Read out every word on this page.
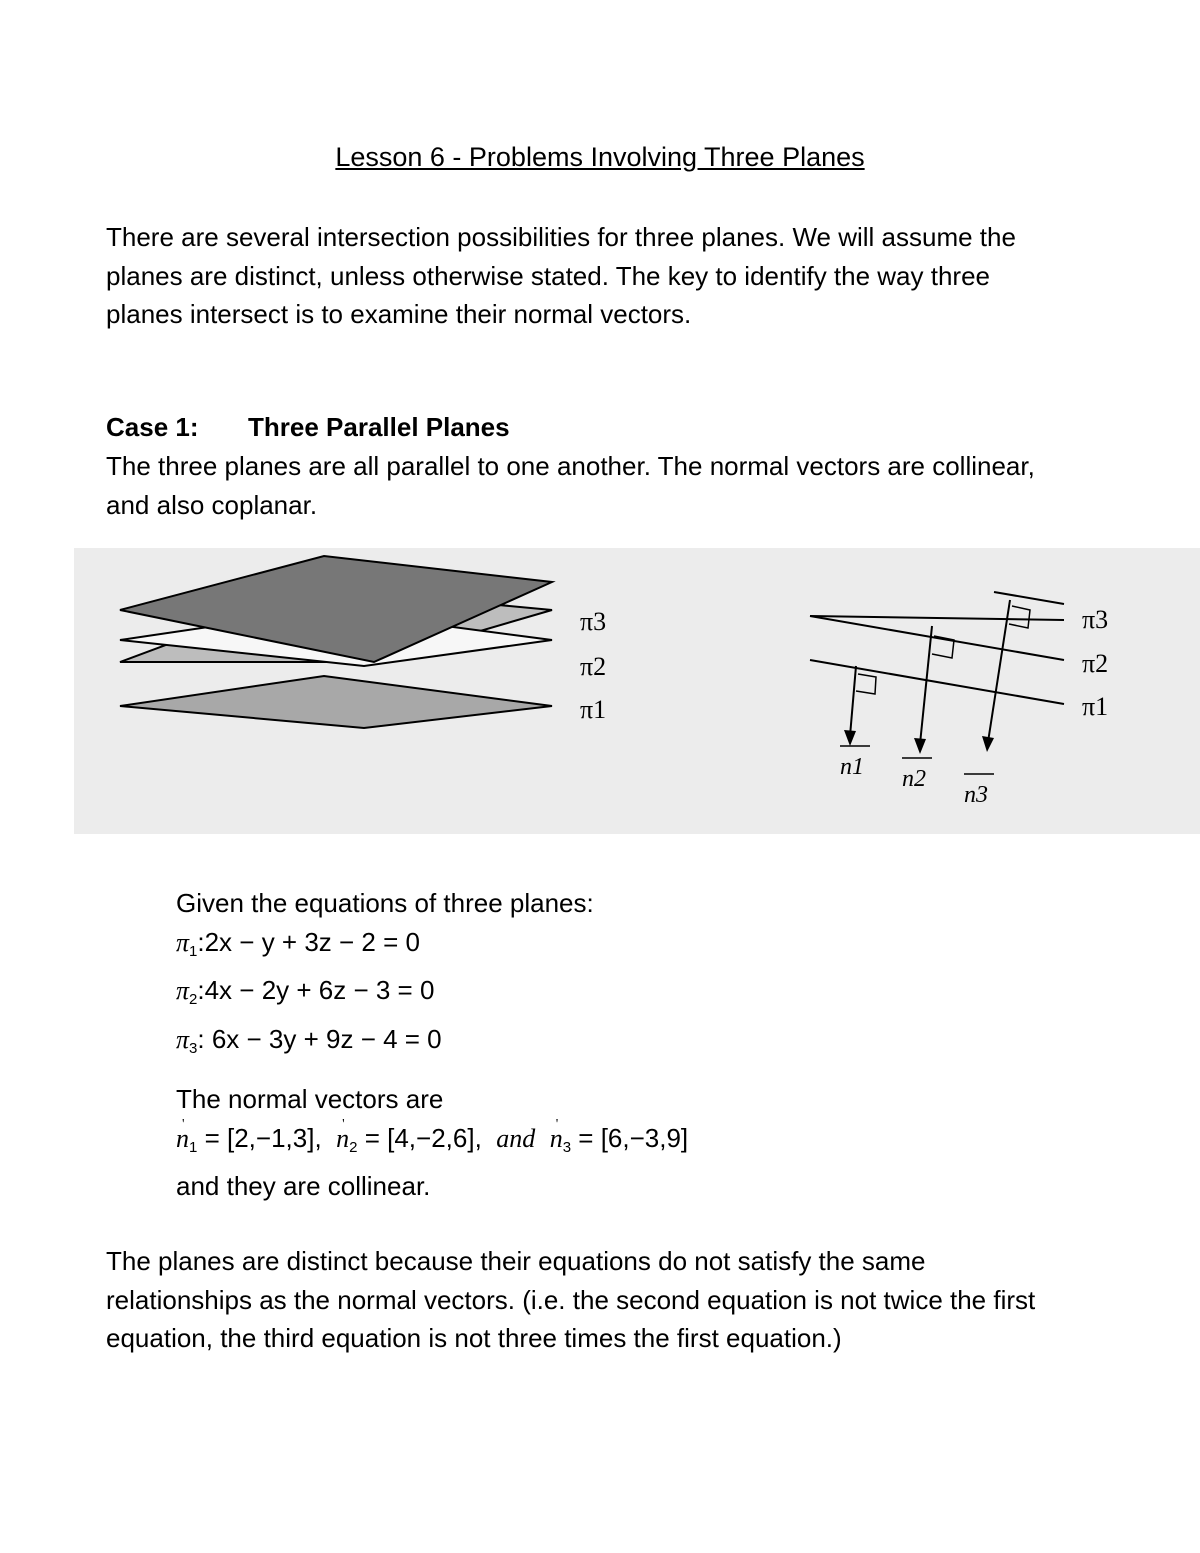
Lesson 6 - Problems Involving Three Planes

There are several intersection possibilities for three planes. We will assume the planes are distinct, unless otherwise stated. The key to identify the way three planes intersect is to examine their normal vectors.

Case 1: Three Parallel Planes

The three planes are all parallel to one another. The normal vectors are collinear, and also coplanar.

π3
π2
π1
π3
π2
π1
n1 n2
n3
Given the equations of three planes:
$\pi_1:2x - y + 3z - 2 = 0$
$\pi_2:4x - 2y + 6z - 3 = 0$
$\pi_3$: 6x − 3y + 9z − 4 = 0
The normal vectors are
n '$_1 = [2,-1,3]$, n '$_2 = [4,-2,6]$, and n '$_3 = [6,-3,9]$
and they are collinear.

The planes are distinct because their equations do not satisfy the same relationships as the normal vectors. (i.e. the second equation is not twice the first equation, the third equation is not three times the first equation.)
